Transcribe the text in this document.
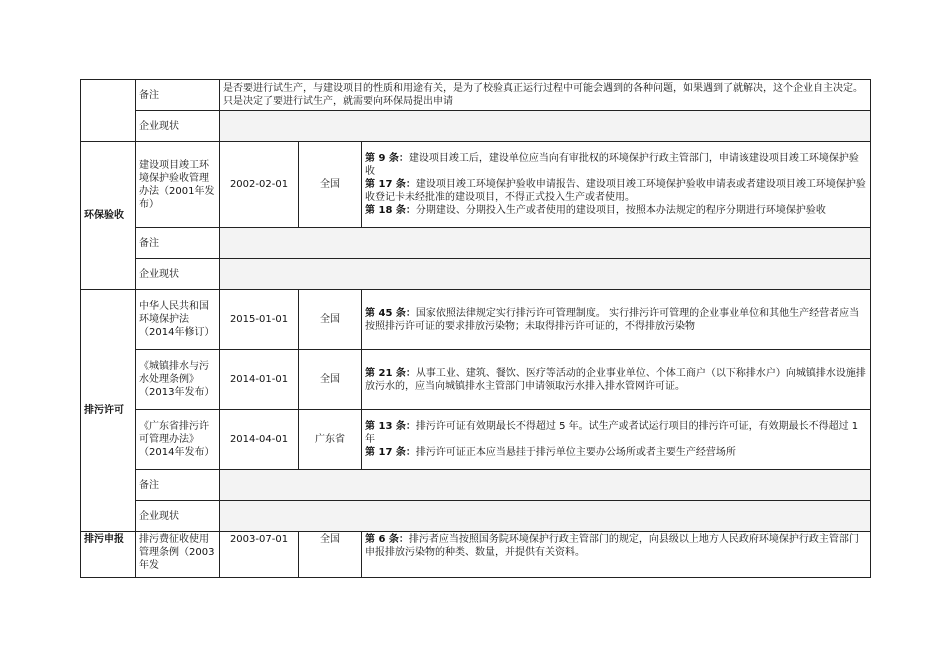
	备注	是否要进行试生产，与建设项目的性质和用途有关，是为了校验真正运行过程中可能会遇到的各种问题，如果遇到了就解决，这个企业自主决定。只是决定了要进行试生产，就需要向环保局提出申请		
	企业现状			
环保验收	建设项目竣工环境保护验收管理办法（2001年发布）	2002-02-01	全国	第 9 条：建设项目竣工后，建设单位应当向有审批权的环境保护行政主管部门，申请该建设项目竣工环境保护验收
第 17 条：建设项目竣工环境保护验收申请报告、建设项目竣工环境保护验收申请表或者建设项目竣工环境保护验收登记卡未经批准的建设项目，不得正式投入生产或者使用。
第 18 条：分期建设、分期投入生产或者使用的建设项目，按照本办法规定的程序分期进行环境保护验收

	备注			
	企业现状			
排污许可	中华人民共和国环境保护法（2014年修订）	2015-01-01	全国	第 45 条：国家依照法律规定实行排污许可管理制度。 实行排污许可管理的企业事业单位和其他生产经营者应当按照排污许可证的要求排放污染物；未取得排污许可证的，不得排放污染物

	《城镇排水与污水处理条例》（2013年发布）	2014-01-01	全国	第 21 条：从事工业、建筑、餐饮、医疗等活动的企业事业单位、个体工商户（以下称排水户）向城镇排水设施排放污水的，应当向城镇排水主管部门申请领取污水排入排水管网许可证。

	《广东省排污许可管理办法》（2014年发布）	2014-04-01	广东省	第 13 条：排污许可证有效期最长不得超过 5 年。试生产或者试运行项目的排污许可证，有效期最长不得超过 1 年
第 17 条：排污许可证正本应当悬挂于排污单位主要办公场所或者主要生产经营场所

	备注			
	企业现状			
排污申报	排污费征收使用管理条例（2003年发	2003-07-01	全国	第 6 条：排污者应当按照国务院环境保护行政主管部门的规定，向县级以上地方人民政府环境保护行政主管部门申报排放污染物的种类、数量，并提供有关资料。
